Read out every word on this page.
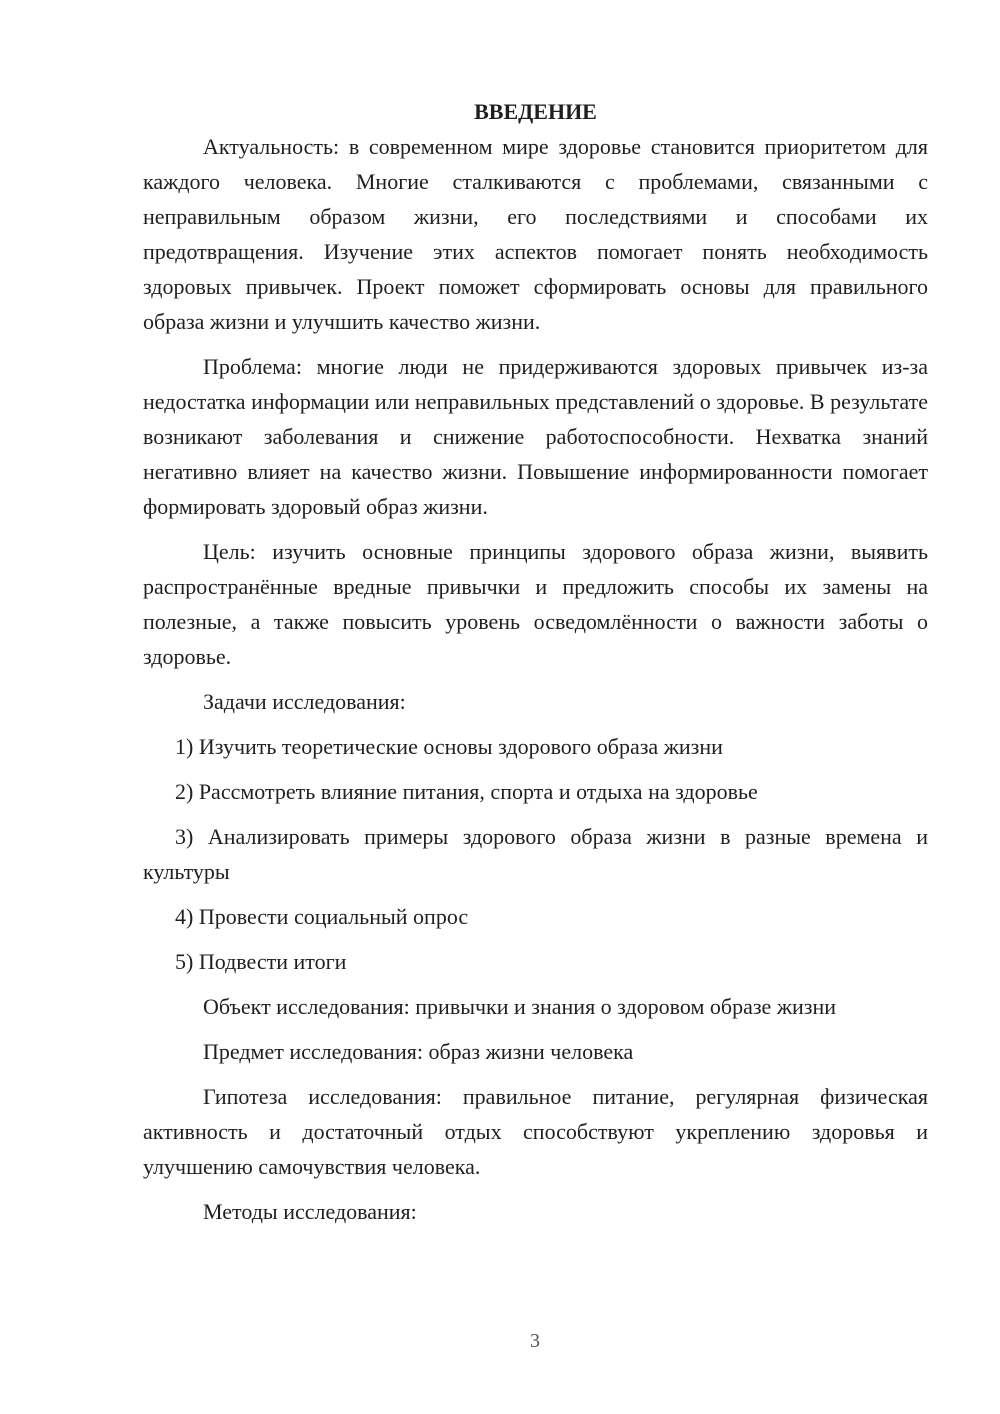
ВВЕДЕНИЕ

Актуальность: в современном мире здоровье становится приоритетом для каждого человека. Многие сталкиваются с проблемами, связанными с неправильным образом жизни, его последствиями и способами их предотвращения. Изучение этих аспектов помогает понять необходимость здоровых привычек. Проект поможет сформировать основы для правильного образа жизни и улучшить качество жизни.

Проблема: многие люди не придерживаются здоровых привычек из-за недостатка информации или неправильных представлений о здоровье. В результате возникают заболевания и снижение работоспособности. Нехватка знаний негативно влияет на качество жизни. Повышение информированности помогает формировать здоровый образ жизни.

Цель: изучить основные принципы здорового образа жизни, выявить распространённые вредные привычки и предложить способы их замены на полезные, а также повысить уровень осведомлённости о важности заботы о здоровье.

Задачи исследования:

1) Изучить теоретические основы здорового образа жизни

2) Рассмотреть влияние питания, спорта и отдыха на здоровье

3) Анализировать примеры здорового образа жизни в разные времена и культуры

4) Провести социальный опрос

5) Подвести итоги

Объект исследования: привычки и знания о здоровом образе жизни

Предмет исследования: образ жизни человека

Гипотеза исследования: правильное питание, регулярная физическая активность и достаточный отдых способствуют укреплению здоровья и улучшению самочувствия человека.

Методы исследования:

3
